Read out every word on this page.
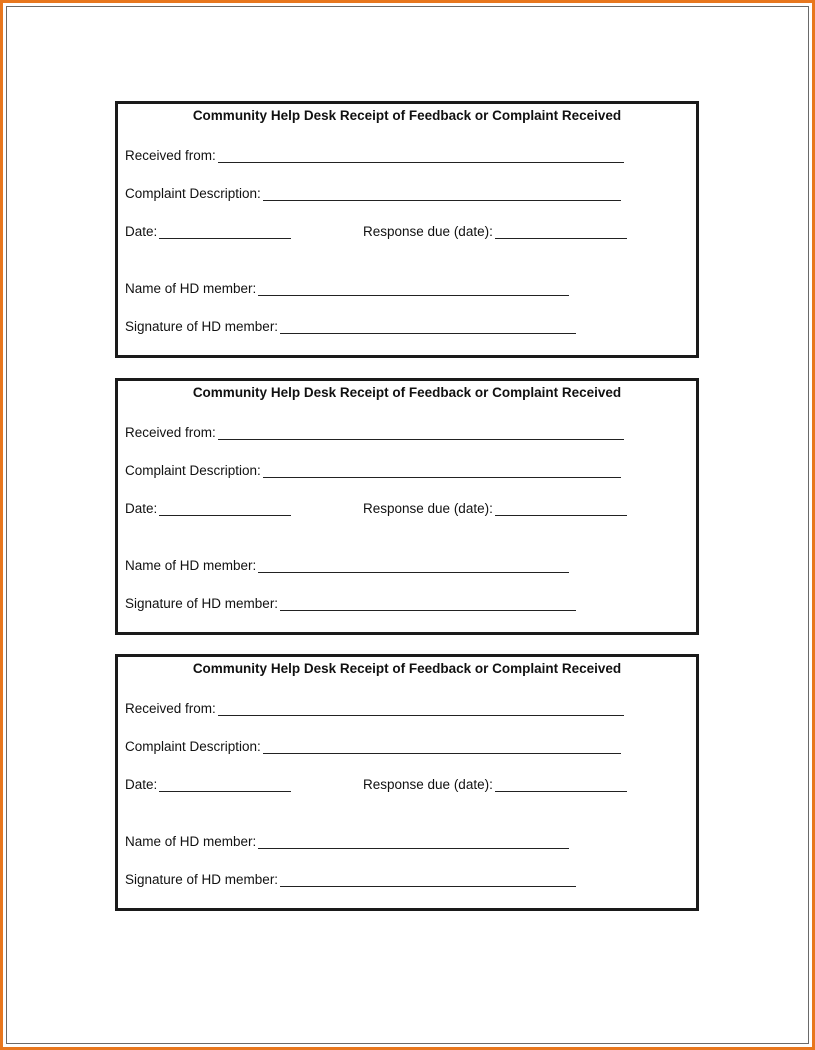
Community Help Desk Receipt of Feedback or Complaint Received
Received from:
Complaint Description:
Date:	Response due (date):
Name of HD member:
Signature of HD member:
Community Help Desk Receipt of Feedback or Complaint Received
Received from:
Complaint Description:
Date:	Response due (date):
Name of HD member:
Signature of HD member:
Community Help Desk Receipt of Feedback or Complaint Received
Received from:
Complaint Description:
Date:	Response due (date):
Name of HD member:
Signature of HD member:
